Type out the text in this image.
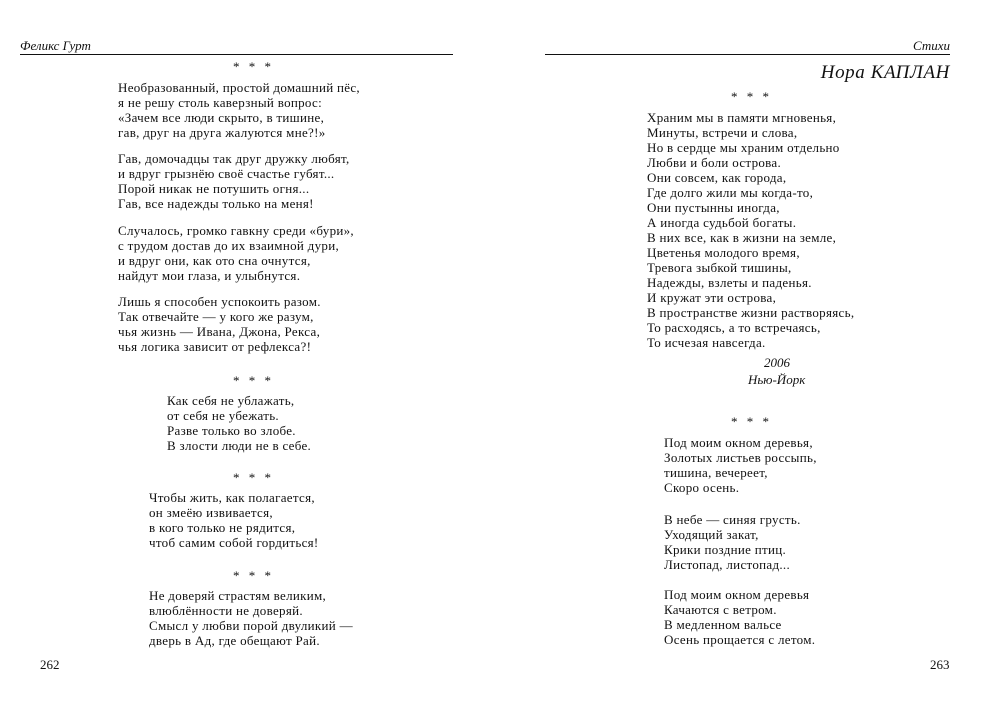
Феликс Гурт
* * *
Необразованный, простой домашний пёс,
я не решу столь каверзный вопрос:
«Зачем все люди скрыто, в тишине,
гав, друг на друга жалуются мне?!»
Гав, домочадцы так друг дружку любят,
и вдруг грызнёю своё счастье губят...
Порой никак не потушить огня...
Гав, все надежды только на меня!
Случалось, громко гавкну среди «бури»,
с трудом достав до их взаимной дури,
и вдруг они, как ото сна очнутся,
найдут мои глаза, и улыбнутся.
Лишь я способен успокоить разом.
Так отвечайте — у кого же разум,
чья жизнь — Ивана, Джона, Рекса,
чья логика зависит от рефлекса?!
* * *
Как себя не ублажать,
от себя не убежать.
Разве только во злобе.
В злости люди не в себе.
* * *
Чтобы жить, как полагается,
он змеёю извивается,
в кого только не рядится,
чтоб самим собой гордиться!
* * *
Не доверяй страстям великим,
влюблённости не доверяй.
Смысл у любви порой двуликий —
дверь в Ад, где обещают Рай.
262
Стихи
Нора КАПЛАН
* * *
Храним мы в памяти мгновенья,
Минуты, встречи и слова,
Но в сердце мы храним отдельно
Любви и боли острова.
Они совсем, как города,
Где долго жили мы когда-то,
Они пустынны иногда,
А иногда судьбой богаты.
В них все, как в жизни на земле,
Цветенья молодого время,
Тревога зыбкой тишины,
Надежды, взлеты и паденья.
И кружат эти острова,
В пространстве жизни растворяясь,
То расходясь, а то встречаясь,
То исчезая навсегда.
2006
Нью-Йорк
* * *
Под моим окном деревья,
Золотых листьев россыпь,
тишина, вечереет,
Скоро осень.
В небе — синяя грусть.
Уходящий закат,
Крики поздние птиц.
Листопад, листопад...
Под моим окном деревья
Качаются с ветром.
В медленном вальсе
Осень прощается с летом.
263
